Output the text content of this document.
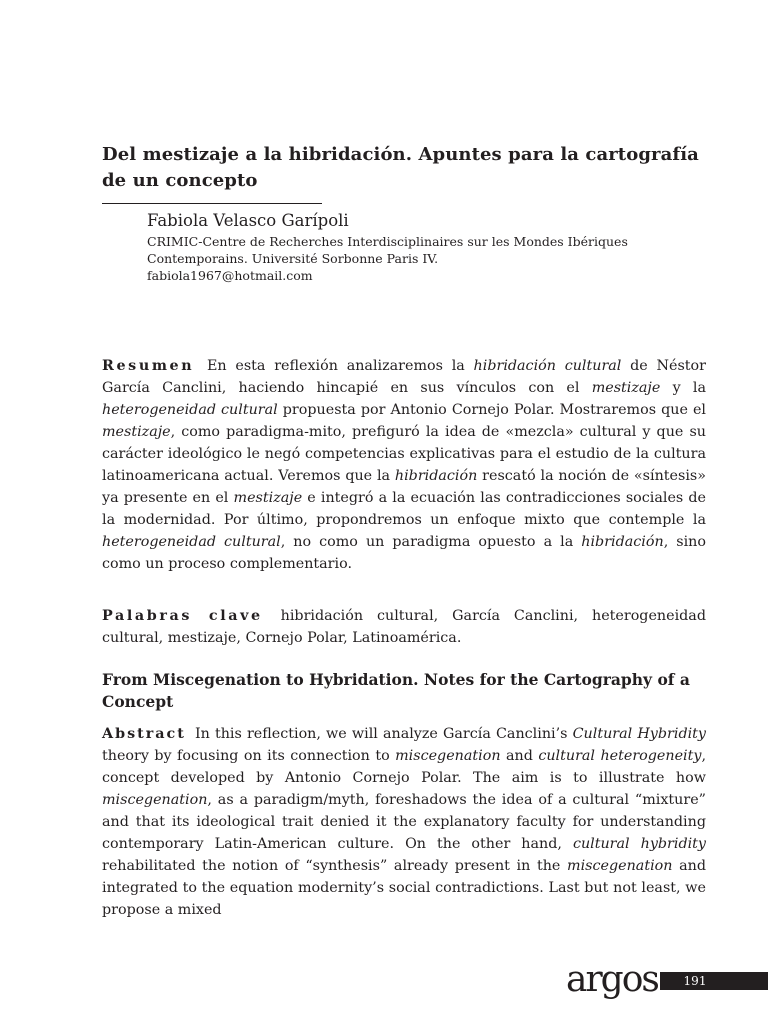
Del mestizaje a la hibridación. Apuntes para la cartografía de un concepto
Fabiola Velasco Garípoli
CRIMIC-Centre de Recherches Interdisciplinaires sur les Mondes Ibériques
Contemporains. Université Sorbonne Paris IV.
fabiola1967@hotmail.com

Resumen En esta reflexión analizaremos la hibridación cultural de Néstor García Canclini, haciendo hincapié en sus vínculos con el mestizaje y la heterogeneidad cultural propuesta por Antonio Cornejo Polar. Mostraremos que el mestizaje, como paradigma-mito, prefiguró la idea de «mezcla» cultural y que su carácter ideológico le negó competencias explicativas para el estudio de la cultura latinoamericana actual. Veremos que la hibridación rescató la noción de «síntesis» ya presente en el mestizaje e integró a la ecuación las contradicciones sociales de la modernidad. Por último, propondremos un enfoque mixto que contemple la heterogeneidad cultural, no como un paradigma opuesto a la hibridación, sino como un proceso complementario.

Palabras clave hibridación cultural, García Canclini, heterogeneidad cultural, mestizaje, Cornejo Polar, Latinoamérica.

From Miscegenation to Hybridation. Notes for the Cartography of a Concept

Abstract In this reflection, we will analyze García Canclini’s Cultural Hybridity theory by focusing on its connection to miscegenation and cultural heterogeneity, concept developed by Antonio Cornejo Polar. The aim is to illustrate how miscegenation, as a paradigm/myth, foreshadows the idea of a cultural “mixture” and that its ideological trait denied it the explanatory faculty for understanding contemporary Latin-American culture. On the other hand, cultural hybridity rehabilitated the notion of “synthesis” already present in the miscegenation and integrated to the equation modernity’s social contradictions. Last but not least, we propose a mixed

argos 191
